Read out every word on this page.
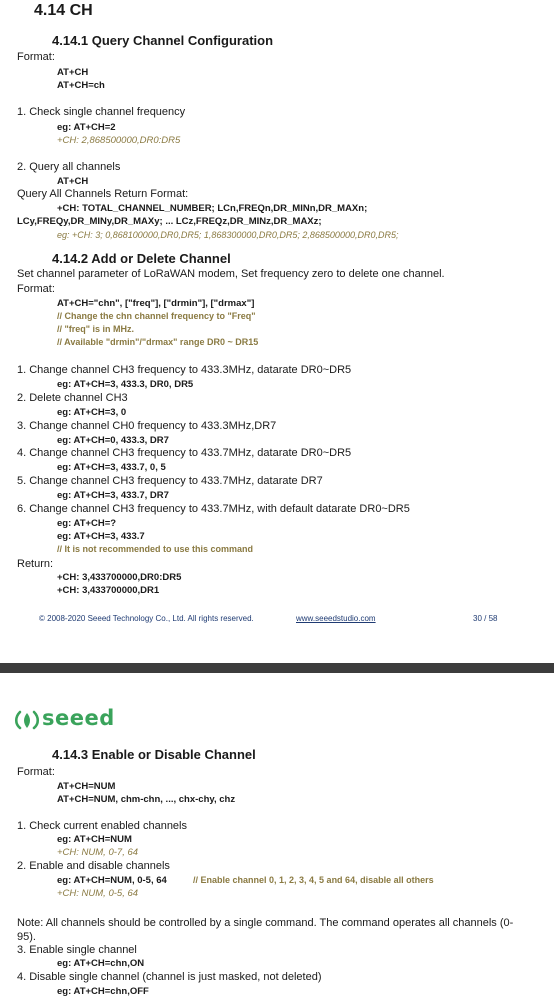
4.14 CH
4.14.1 Query Channel Configuration
Format:
AT+CH
AT+CH=ch
1. Check single channel frequency
eg: AT+CH=2
+CH: 2,868500000,DR0:DR5
2. Query all channels
AT+CH
Query All Channels Return Format:
+CH: TOTAL_CHANNEL_NUMBER; LCn,FREQn,DR_MINn,DR_MAXn;
LCy,FREQy,DR_MINy,DR_MAXy; ... LCz,FREQz,DR_MINz,DR_MAXz;
eg: +CH: 3; 0,868100000,DR0,DR5; 1,868300000,DR0,DR5; 2,868500000,DR0,DR5;
4.14.2 Add or Delete Channel
Set channel parameter of LoRaWAN modem, Set frequency zero to delete one channel.
Format:
AT+CH="chn", ["freq"], ["drmin"], ["drmax"]
// Change the chn channel frequency to "Freq"
// "freq" is in MHz.
// Available "drmin"/"drmax" range DR0 ~ DR15
1. Change channel CH3 frequency to 433.3MHz, datarate DR0~DR5
eg: AT+CH=3, 433.3, DR0, DR5
2. Delete channel CH3
eg: AT+CH=3, 0
3. Change channel CH0 frequency to 433.3MHz,DR7
eg: AT+CH=0, 433.3, DR7
4. Change channel CH3 frequency to 433.7MHz, datarate DR0~DR5
eg: AT+CH=3, 433.7, 0, 5
5. Change channel CH3 frequency to 433.7MHz, datarate DR7
eg: AT+CH=3, 433.7, DR7
6. Change channel CH3 frequency to 433.7MHz, with default datarate DR0~DR5
eg: AT+CH=?
eg: AT+CH=3, 433.7
// It is not recommended to use this command
Return:
+CH: 3,433700000,DR0:DR5
+CH: 3,433700000,DR1
© 2008-2020 Seeed Technology Co., Ltd. All rights reserved.	www.seeedstudio.com	30 / 58
seeed
4.14.3 Enable or Disable Channel
Format:
AT+CH=NUM
AT+CH=NUM, chm-chn, ..., chx-chy, chz
1. Check current enabled channels
eg: AT+CH=NUM
+CH: NUM, 0-7, 64
2. Enable and disable channels
eg: AT+CH=NUM, 0-5, 64	// Enable channel 0, 1, 2, 3, 4, 5 and 64, disable all others
+CH: NUM, 0-5, 64
Note: All channels should be controlled by a single command. The command operates all channels (0-
95).
3. Enable single channel
eg: AT+CH=chn,ON
4. Disable single channel (channel is just masked, not deleted)
eg: AT+CH=chn,OFF
